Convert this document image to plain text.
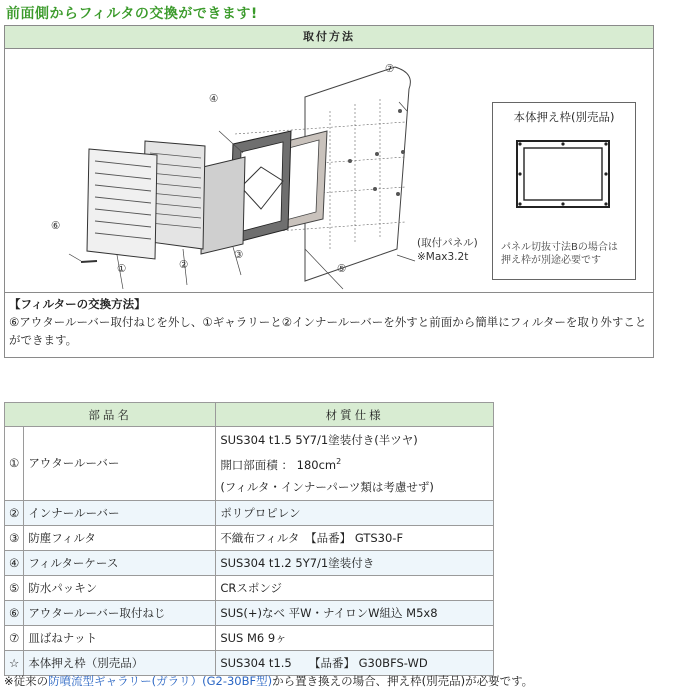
前面側からフィルタの交換ができます!
取付方法
④
⑦
⑥
①	②
③
⑤
(取付パネル)
※Max3.2t
本体押え枠(別売品)
パネル切抜寸法Bの場合は
押え枠が別途必要です
【フィルターの交換方法】
⑥アウタールーバー取付ねじを外し、①ギャラリーと②インナールーバーを外すと前面から簡単にフィルターを取り外すことができます。
部品名		材質仕様
①	アウタールーバー	SUS304 t1.5 5Y7/1塗装付き(半ツヤ)
開口部面積 ： $180cm^2$
(フィルタ・インナーパーツ類は考慮せず)

②	インナールーバー	ポリプロピレン
③	防塵フィルタ	不織布フィルタ　【品番】 GTS30-F
④	フィルターケース	SUS304 t1.2 5Y7/1塗装付き
⑤	防水パッキン	CRスポンジ
⑥	アウタールーバー取付ねじ	SUS(+)なべ 平W・ナイロンW組込 M5x8
⑦	皿ばねナット	SUS M6 9ヶ
☆	本体押え枠（別売品）	SUS304 t1.5　　【品番】 G30BFS-WD
※従来の防噴流型ギャラリー(ガラリ）(G2-30BF型)から置き換えの場合、押え枠(別売品)が必要です。
